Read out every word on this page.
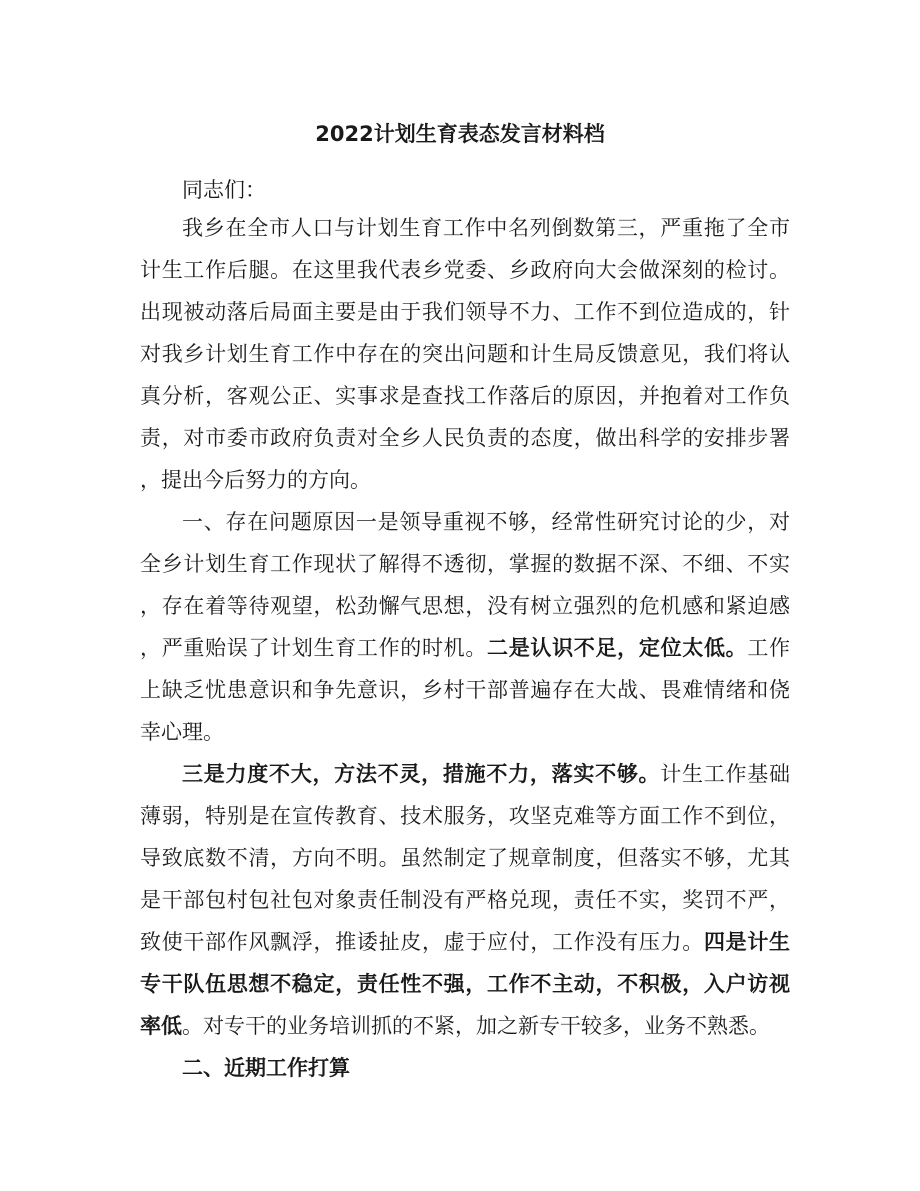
2022计划生育表态发言材料档
同志们：
我乡在全市人口与计划生育工作中名列倒数第三，严重拖了全市
计生工作后腿。在这里我代表乡党委、乡政府向大会做深刻的检讨。
出现被动落后局面主要是由于我们领导不力、工作不到位造成的，针
对我乡计划生育工作中存在的突出问题和计生局反馈意见，我们将认
真分析，客观公正、实事求是查找工作落后的原因，并抱着对工作负
责，对市委市政府负责对全乡人民负责的态度，做出科学的安排步署
，提出今后努力的方向。
一、存在问题原因一是领导重视不够，经常性研究讨论的少，对
全乡计划生育工作现状了解得不透彻，掌握的数据不深、不细、不实
，存在着等待观望，松劲懈气思想，没有树立强烈的危机感和紧迫感
，严重贻误了计划生育工作的时机。二是认识不足，定位太低。工作
上缺乏忧患意识和争先意识，乡村干部普遍存在大战、畏难情绪和侥
幸心理。
三是力度不大，方法不灵，措施不力，落实不够。计生工作基础
薄弱，特别是在宣传教育、技术服务，攻坚克难等方面工作不到位，
导致底数不清，方向不明。虽然制定了规章制度，但落实不够，尤其
是干部包村包社包对象责任制没有严格兑现，责任不实，奖罚不严，
致使干部作风飘浮，推诿扯皮，虚于应付，工作没有压力。四是计生
专干队伍思想不稳定，责任性不强，工作不主动，不积极，入户访视
率低。对专干的业务培训抓的不紧，加之新专干较多，业务不熟悉。
二、近期工作打算
